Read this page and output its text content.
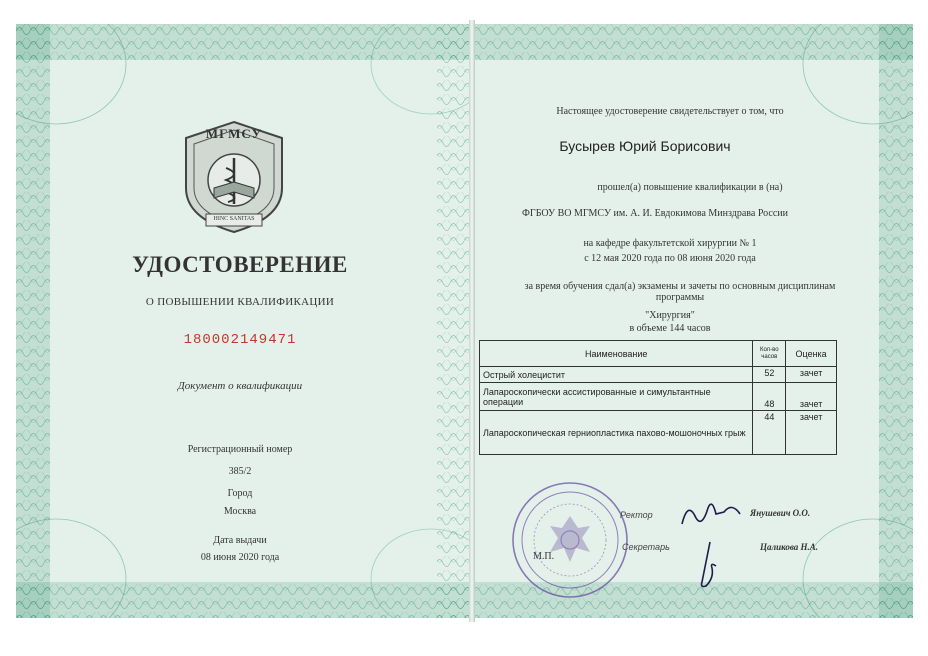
МГМСУ
HINC SANITAS
УДОСТОВЕРЕНИЕ
О ПОВЫШЕНИИ КВАЛИФИКАЦИИ
180002149471
Документ о квалификации
Регистрационный номер
385/2
Город
Москва
Дата выдачи
08 июня 2020 года
Настоящее удостоверение свидетельствует о том, что
Бусырев Юрий Борисович
прошел(а) повышение квалификации в (на)
ФГБОУ ВО МГМСУ им. А. И. Евдокимова Минздрава России
на кафедре факультетской хирургии № 1
с 12 мая 2020 года по 08 июня 2020 года
за время обучения сдал(а) экзамены и зачеты по основным дисциплинам программы
"Хирургия"
в объеме 144 часов
Наименование	Кол-во часов	Оценка
Острый холецистит	52	зачет
Лапароскопически ассистированные и симультантные операции	48	зачет
Лапароскопическая герниопластика пахово-мошоночных грыж	44	зачет
Ректор	Янушевич О.О.
М.П.
Секретарь	Цаликова Н.А.
